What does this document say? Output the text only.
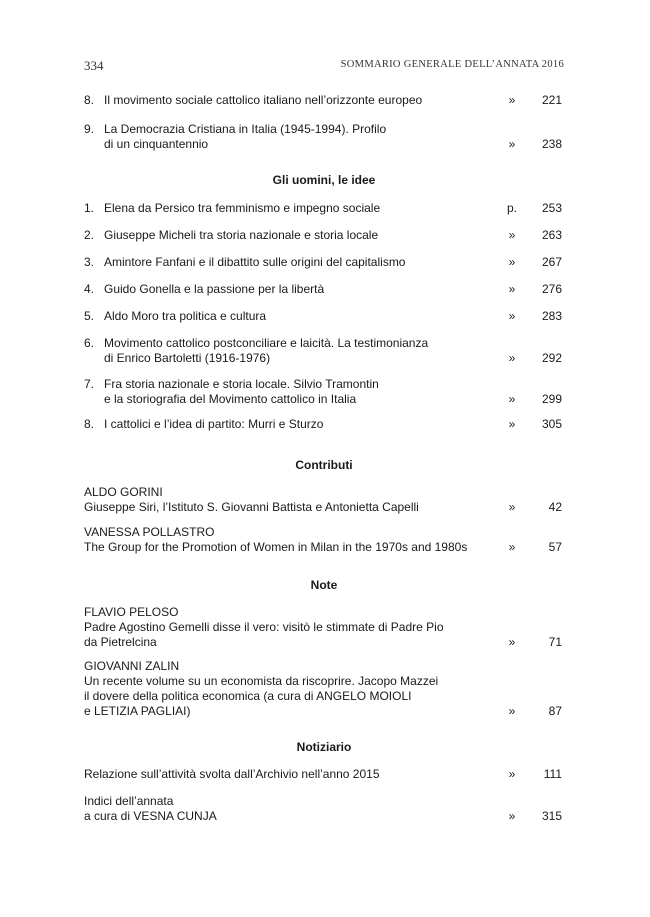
334	SOMMARIO GENERALE DELL’ANNATA 2016
8. Il movimento sociale cattolico italiano nell’orizzonte europeo	»	221
9. La Democrazia Cristiana in Italia (1945-1994). Profilo
di un cinquantennio	»	238
Gli uomini, le idee
1. Elena da Persico tra femminismo e impegno sociale	p.	253
2. Giuseppe Micheli tra storia nazionale e storia locale	»	263
3. Amintore Fanfani e il dibattito sulle origini del capitalismo	»	267
4. Guido Gonella e la passione per la libertà	»	276
5. Aldo Moro tra politica e cultura	»	283
6. Movimento cattolico postconciliare e laicità. La testimonianza
di Enrico Bartoletti (1916-1976)	»	292
7. Fra storia nazionale e storia locale. Silvio Tramontin
e la storiografia del Movimento cattolico in Italia	»	299
8. I cattolici e l’idea di partito: Murri e Sturzo	»	305
Contributi
ALDO GORINI
Giuseppe Siri, l’Istituto S. Giovanni Battista e Antonietta Capelli	»	42
VANESSA POLLASTRO
The Group for the Promotion of Women in Milan in the 1970s and 1980s	»	57
Note
FLAVIO PELOSO
Padre Agostino Gemelli disse il vero: visitò le stimmate di Padre Pio
da Pietrelcina	»	71
GIOVANNI ZALIN
Un recente volume su un economista da riscoprire. Jacopo Mazzei
il dovere della politica economica (a cura di ANGELO MOIOLI
e LETIZIA PAGLIAI)	»	87
Notiziario
Relazione sull’attività svolta dall’Archivio nell’anno 2015	»	111
Indici dell’annata
a cura di VESNA CUNJA	»	315
